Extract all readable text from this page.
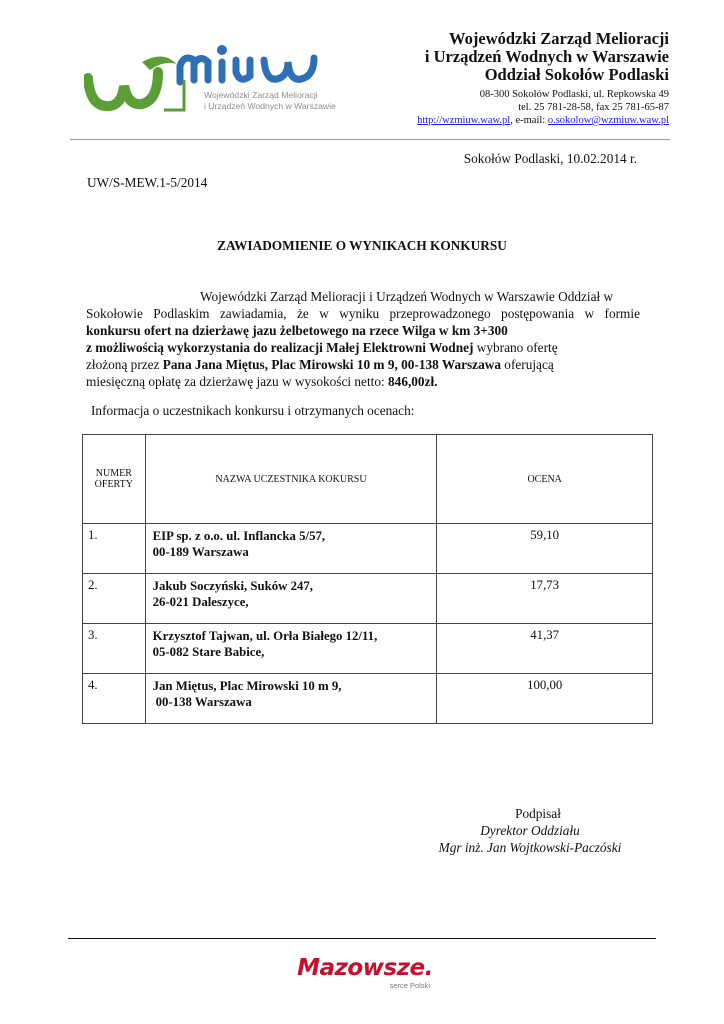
Wojewódzki Zarząd Melioracji
i Urządzeń Wodnych w Warszawie
Wojewódzki Zarząd Melioracji
i Urządzeń Wodnych w Warszawie
Oddział Sokołów Podlaski
08-300 Sokołów Podlaski, ul. Repkowska 49
tel. 25 781-28-58, fax 25 781-65-87
http://wzmiuw.waw.pl, e-mail: o.sokolow@wzmiuw.waw.pl
Sokołów Podlaski, 10.02.2014 r.
UW/S-MEW.1-5/2014
ZAWIADOMIENIE O WYNIKACH KONKURSU
Wojewódzki Zarząd Melioracji i Urządzeń Wodnych w Warszawie Oddział w
Sokołowie Podlaskim zawiadamia, że w wyniku przeprowadzonego postępowania w formie
konkursu ofert na dzierżawę jazu żelbetowego na rzece Wilga w km 3+300
z możliwością wykorzystania do realizacji Małej Elektrowni Wodnej wybrano ofertę
złożoną przez Pana Jana Miętus, Plac Mirowski 10 m 9, 00-138 Warszawa oferującą
miesięczną opłatę za dzierżawę jazu w wysokości netto: 846,00zł.
Informacja o uczestnikach konkursu i otrzymanych ocenach:
NUMER OFERTY	NAZWA UCZESTNIKA KOKURSU	OCENA
1.	EIP sp. z o.o. ul. Inflancka 5/57,
00-189 Warszawa	59,10
2.	Jakub Soczyński, Suków 247,
26-021 Daleszyce,	17,73
3.	Krzysztof Tajwan, ul. Orła Białego 12/11,
05-082 Stare Babice,	41,37
4.	Jan Miętus, Plac Mirowski 10 m 9,
00-138 Warszawa	100,00
Podpisał
Dyrektor Oddziału
Mgr inż. Jan Wojtkowski-Paczóski
Mazowsze.
serce Polski
